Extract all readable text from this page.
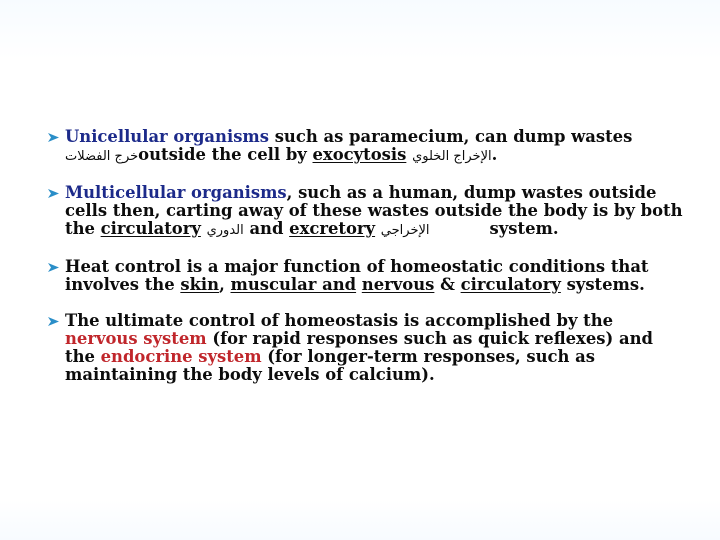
Unicellular organisms such as paramecium, can dump wastes
خرج الفضلاتoutside the cell by exocytosis الإخراج الخلوي.
Multicellular organisms, such as a human, dump wastes outside cells then, carting away of these wastes outside the body is by both the circulatory الدوري and excretory الإخراجي	system.
Heat control is a major function of homeostatic conditions that involves the skin, muscular and nervous & circulatory systems.
The ultimate control of homeostasis is accomplished by the nervous system (for rapid responses such as quick reflexes) and the endocrine system (for longer-term responses, such as maintaining the body levels of calcium).
